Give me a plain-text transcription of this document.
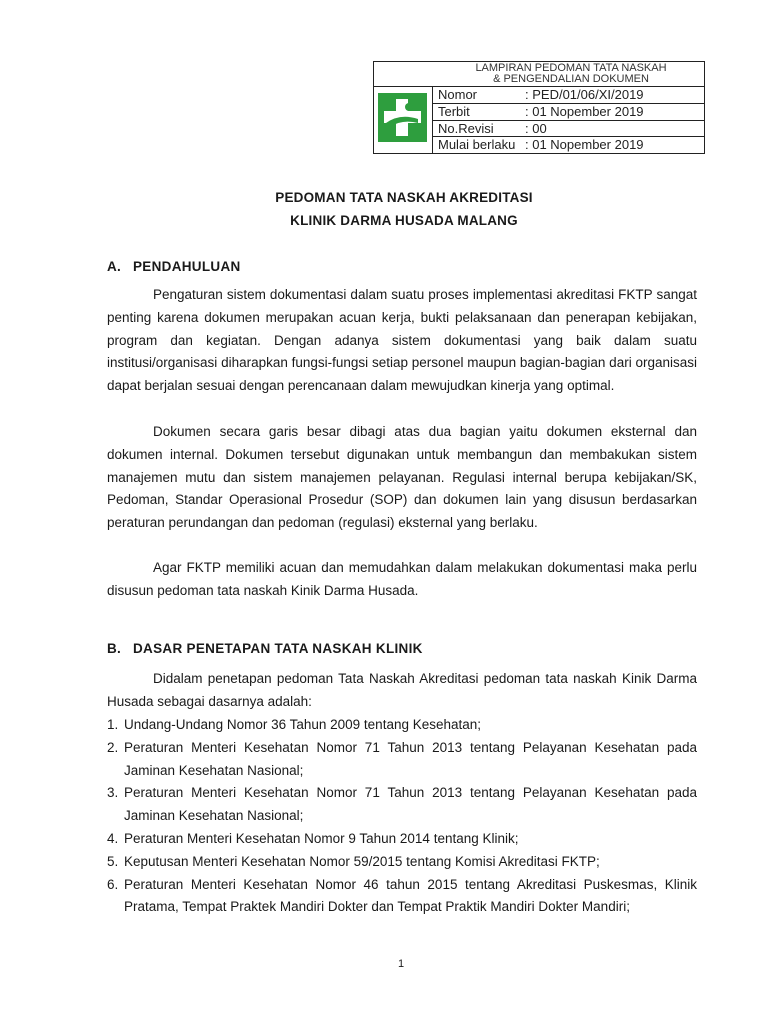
LAMPIRAN PEDOMAN TATA NASKAH
& PENGENDALIAN DOKUMEN
Nomor	: PED/01/06/XI/2019
Terbit	: 01 Nopember 2019
No.Revisi : 00
Mulai berlaku : 01 Nopember 2019
PEDOMAN TATA NASKAH AKREDITASI
KLINIK DARMA HUSADA MALANG
A. PENDAHULUAN
Pengaturan sistem dokumentasi dalam suatu proses implementasi akreditasi FKTP sangat penting karena dokumen merupakan acuan kerja, bukti pelaksanaan dan penerapan kebijakan, program dan kegiatan. Dengan adanya sistem dokumentasi yang baik dalam suatu institusi/organisasi diharapkan fungsi-fungsi setiap personel maupun bagian-bagian dari organisasi dapat berjalan sesuai dengan perencanaan dalam mewujudkan kinerja yang optimal.
Dokumen secara garis besar dibagi atas dua bagian yaitu dokumen eksternal dan dokumen internal. Dokumen tersebut digunakan untuk membangun dan membakukan sistem manajemen mutu dan sistem manajemen pelayanan. Regulasi internal berupa kebijakan/SK, Pedoman, Standar Operasional Prosedur (SOP) dan dokumen lain yang disusun berdasarkan peraturan perundangan dan pedoman (regulasi) eksternal yang berlaku.
Agar FKTP memiliki acuan dan memudahkan dalam melakukan dokumentasi maka perlu disusun pedoman tata naskah Kinik Darma Husada.
B. DASAR PENETAPAN TATA NASKAH KLINIK
Didalam penetapan pedoman Tata Naskah Akreditasi pedoman tata naskah Kinik Darma Husada sebagai dasarnya adalah:
1. Undang-Undang Nomor 36 Tahun 2009 tentang Kesehatan;
2. Peraturan Menteri Kesehatan Nomor 71 Tahun 2013 tentang Pelayanan Kesehatan pada Jaminan Kesehatan Nasional;
3. Peraturan Menteri Kesehatan Nomor 71 Tahun 2013 tentang Pelayanan Kesehatan pada Jaminan Kesehatan Nasional;
4. Peraturan Menteri Kesehatan Nomor 9 Tahun 2014 tentang Klinik;
5. Keputusan Menteri Kesehatan Nomor 59/2015 tentang Komisi Akreditasi FKTP;
6. Peraturan Menteri Kesehatan Nomor 46 tahun 2015 tentang Akreditasi Puskesmas, Klinik Pratama, Tempat Praktek Mandiri Dokter dan Tempat Praktik Mandiri Dokter Mandiri;
1
